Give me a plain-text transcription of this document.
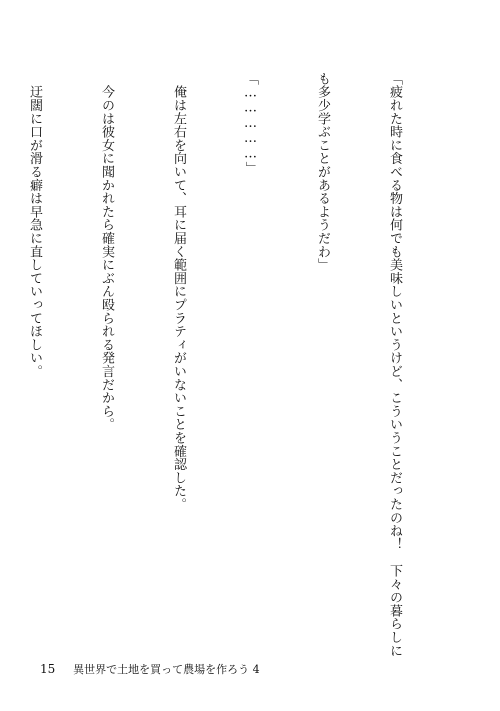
「疲れた時に食べる物は何でも美味しいというけど、こういうことだったのね！　下々の暮らしに

も多少学ぶことがあるようだわ」

「……………」

　俺は左右を向いて、耳に届く範囲にプラティがいないことを確認した。

　今のは彼女に聞かれたら確実にぶん殴られる発言だから。

　迂闊に口が滑る癖は早急に直していってほしい。

15 異世界で土地を買って農場を作ろう 4
